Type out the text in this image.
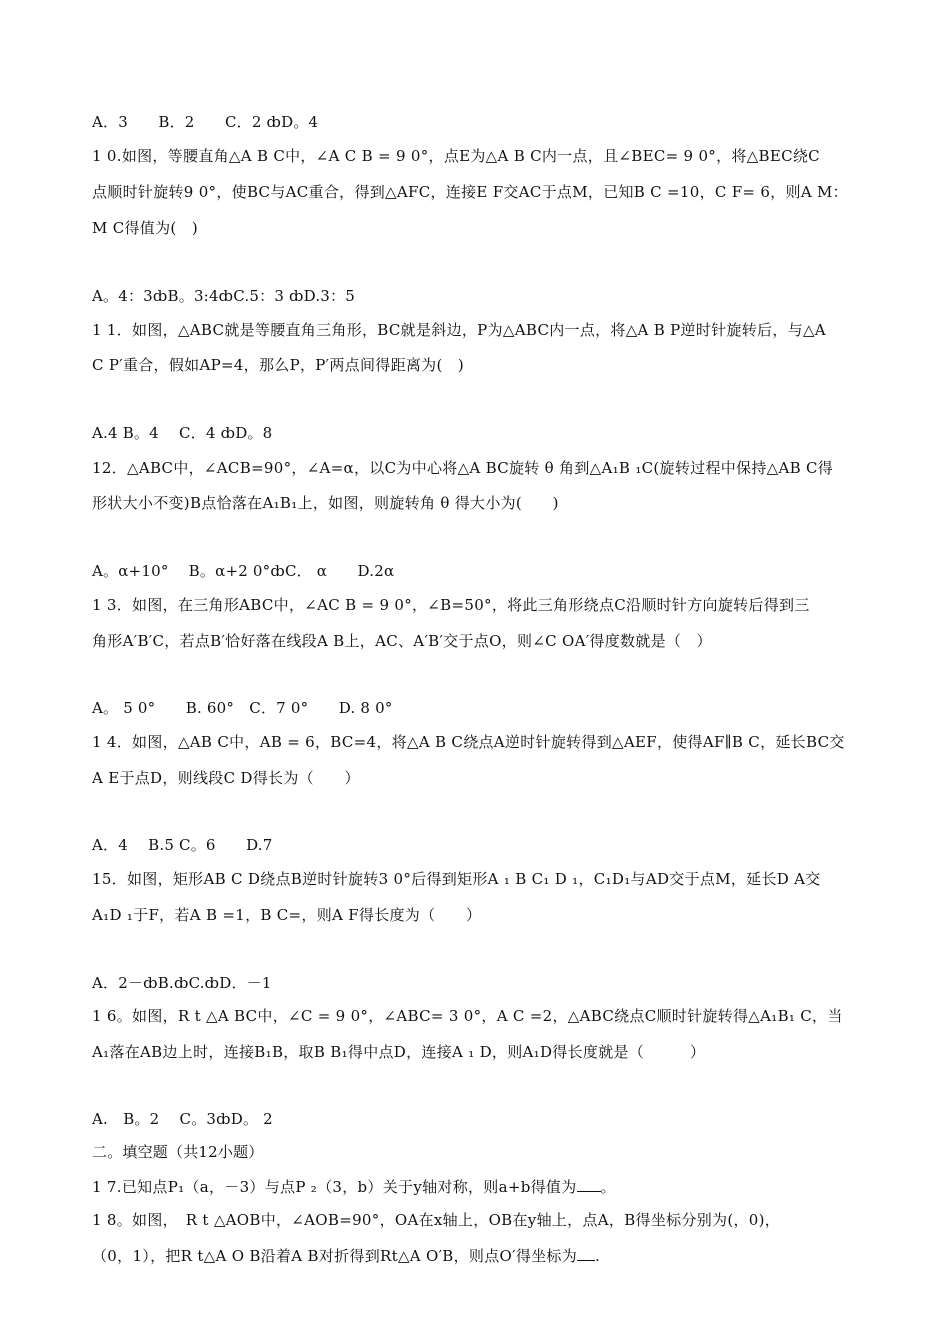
A．3　　B．2　　C．2 ȸD。4
1 0.如图，等腰直角△A B C中，∠A C B = 9 0°，点E为△A B C内一点，且∠BEC= 9 0°，将△BEC绕C
点顺时针旋转9 0°，使BC与AC重合，得到△AFC，连接E F交AC于点M，已知B C =10，C F= 6，则A M：
M C得值为(　)
A。4：3ȸB。3:4ȸC.5：3 ȸD.3：5
1 1．如图，△ABC就是等腰直角三角形，BC就是斜边，P为△ABC内一点，将△A B P逆时针旋转后，与△A
C P′重合，假如AP=4，那么P，P′两点间得距离为(　)
A.4 B。4　 C．4 ȸD。8
12．△ABC中，∠ACB=90°，∠A=α，以C为中心将△A BC旋转 θ 角到△A₁B ₁C(旋转过程中保持△AB C得
形状大小不变)B点恰落在A₁B₁上，如图，则旋转角 θ 得大小为(　　)
A。α+10°　 B。α+2 0°ȸC． α　　D.2α
1 3．如图，在三角形ABC中，∠AC B = 9 0°，∠B=50°，将此三角形绕点C沿顺时针方向旋转后得到三
角形A′B′C，若点B′恰好落在线段A B上，AC、A′B′交于点O，则∠C OA′得度数就是（　）
A。 5 0°　　B. 60°　C．7 0°　　D. 8 0°
1 4．如图，△AB C中，AB = 6，BC=4，将△A B C绕点A逆时针旋转得到△AEF，使得AF∥B C，延长BC交
A E于点D，则线段C D得长为（　　）
A．4　 B.5 C。6　　D.7
15．如图，矩形AB C D绕点B逆时针旋转3 0°后得到矩形A ₁ B C₁ D ₁，C₁D₁与AD交于点M，延长D A交
A₁D ₁于F，若A B =1，B C=，则A F得长度为（　　）
A．2－ȸB.ȸC.ȸD．－1
1 6。如图，R t △A BC中，∠C = 9 0°，∠ABC= 3 0°，A C =2，△ABC绕点C顺时针旋转得△A₁B₁ C，当
A₁落在AB边上时，连接B₁B，取B B₁得中点D，连接A ₁ D，则A₁D得长度就是（　　　）
A.　B。2　 C。3ȸD。 2
二。填空题（共12小题）
1 7.已知点P₁（a，－3）与点P ₂（3，b）关于y轴对称，则a+b得值为 。
1 8。如图，　R t △AOB中，∠AOB=90°，OA在x轴上，OB在y轴上，点A，B得坐标分别为(，0)，
（0，1），把R t△A O B沿着A B对折得到Rt△A O′B，则点O′得坐标为 .
